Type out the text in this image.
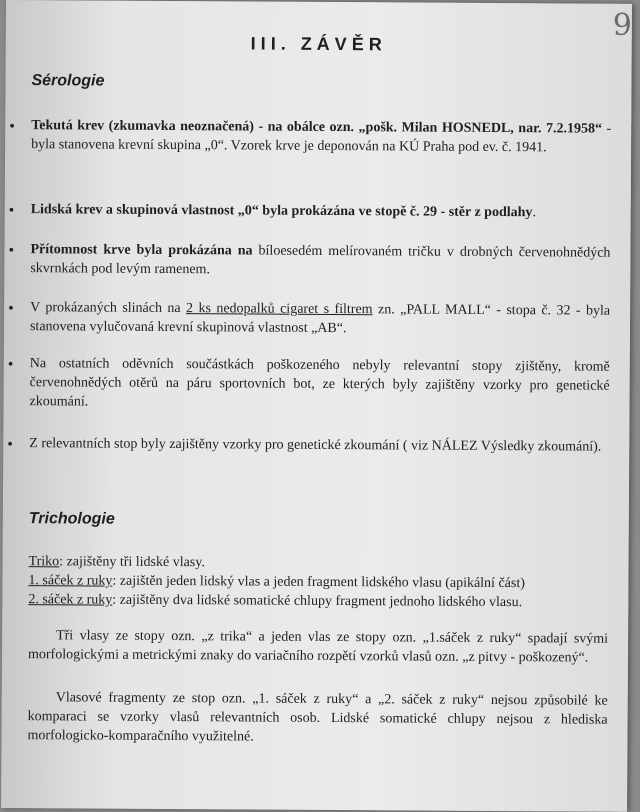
9
III. ZÁVĚR
Sérologie
• Tekutá krev (zkumavka neoznačená) - na obálce ozn. „pošk. Milan HOSNEDL, nar. 7.2.1958“ - byla stanovena krevní skupina „0“. Vzorek krve je deponován na KÚ Praha pod ev. č. 1941.
• Lidská krev a skupinová vlastnost „0“ byla prokázána ve stopě č. 29 - stěr z podlahy.
• Přítomnost krve byla prokázána na bíloesedém melírovaném tričku v drobných červenohnědých skvrnkách pod levým ramenem.
• V prokázaných slinách na 2 ks nedopalků cigaret s filtrem zn. „PALL MALL“ - stopa č. 32 - byla stanovena vylučovaná krevní skupinová vlastnost „AB“.
• Na ostatních oděvních součástkách poškozeného nebyly relevantní stopy zjištěny, kromě červenohnědých otěrů na páru sportovních bot, ze kterých byly zajištěny vzorky pro genetické zkoumání.
• Z relevantních stop byly zajištěny vzorky pro genetické zkoumání ( viz NÁLEZ Výsledky zkoumání).
Trichologie
Triko: zajištěny tři lidské vlasy.
1. sáček z ruky: zajištěn jeden lidský vlas a jeden fragment lidského vlasu (apikální část)
2. sáček z ruky: zajištěny dva lidské somatické chlupy fragment jednoho lidského vlasu.
Tři vlasy ze stopy ozn. „z trika“ a jeden vlas ze stopy ozn. „1.sáček z ruky“ spadají svými morfologickými a metrickými znaky do variačního rozpětí vzorků vlasů ozn. „z pitvy - poškozený“.
Vlasové fragmenty ze stop ozn. „1. sáček z ruky“ a „2. sáček z ruky“ nejsou způsobilé ke komparaci se vzorky vlasů relevantních osob. Lidské somatické chlupy nejsou z hlediska morfologicko-komparačního využitelné.
